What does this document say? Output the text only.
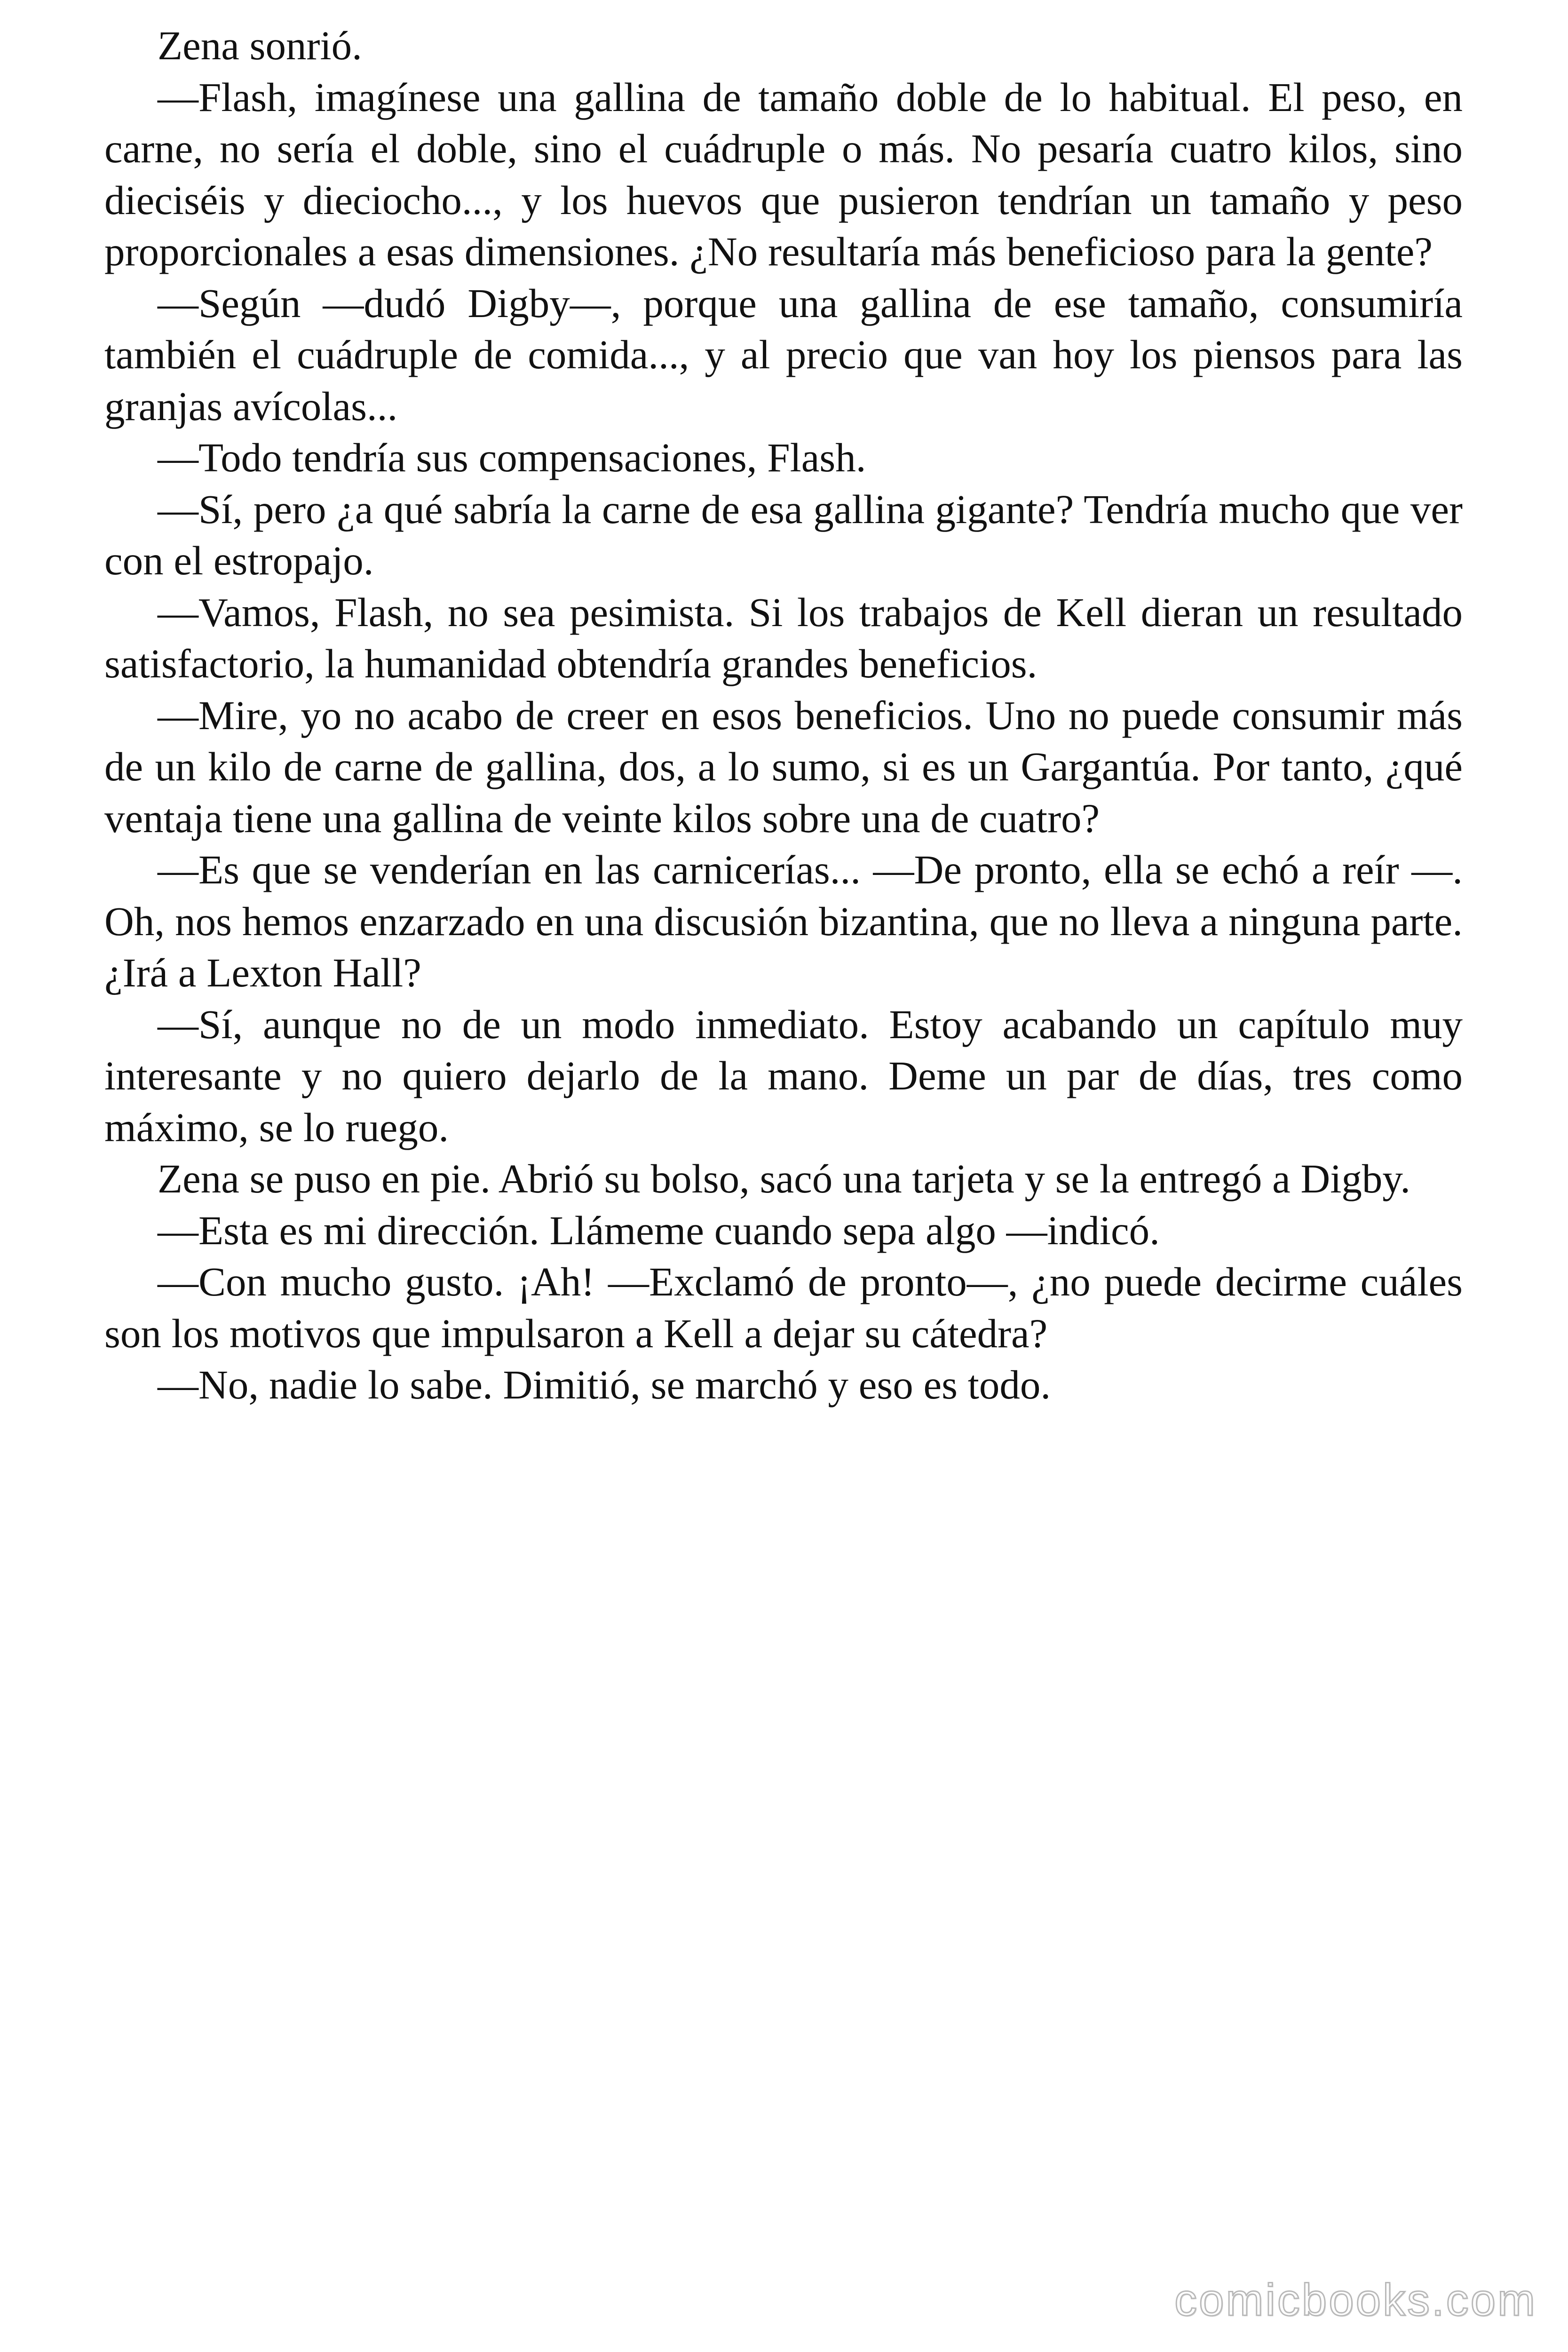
Zena sonrió.

—Flash, imagínese una gallina de tamaño doble de lo habitual. El peso, en carne, no sería el doble, sino el cuádruple o más. No pesaría cuatro kilos, sino dieciséis y dieciocho..., y los huevos que pusieron tendrían un tamaño y peso proporcionales a esas dimensiones. ¿No resultaría más beneficioso para la gente?

—Según —dudó Digby—, porque una gallina de ese tamaño, consumiría también el cuádruple de comida..., y al precio que van hoy los piensos para las granjas avícolas...

—Todo tendría sus compensaciones, Flash.

—Sí, pero ¿a qué sabría la carne de esa gallina gigante? Tendría mucho que ver con el estropajo.

—Vamos, Flash, no sea pesimista. Si los trabajos de Kell dieran un resultado satisfactorio, la humanidad obtendría grandes beneficios.

—Mire, yo no acabo de creer en esos beneficios. Uno no puede consumir más de un kilo de carne de gallina, dos, a lo sumo, si es un Gargantúa. Por tanto, ¿qué ventaja tiene una gallina de veinte kilos sobre una de cuatro?

—Es que se venderían en las carnicerías... —De pronto, ella se echó a reír —. Oh, nos hemos enzarzado en una discusión bizantina, que no lleva a ninguna parte. ¿Irá a Lexton Hall?

—Sí, aunque no de un modo inmediato. Estoy acabando un capítulo muy interesante y no quiero dejarlo de la mano. Deme un par de días, tres como máximo, se lo ruego.

Zena se puso en pie. Abrió su bolso, sacó una tarjeta y se la entregó a Digby.

—Esta es mi dirección. Llámeme cuando sepa algo —indicó.

—Con mucho gusto. ¡Ah! —Exclamó de pronto—, ¿no puede decirme cuáles son los motivos que impulsaron a Kell a dejar su cátedra?

—No, nadie lo sabe. Dimitió, se marchó y eso es todo.

comicbooks.com
